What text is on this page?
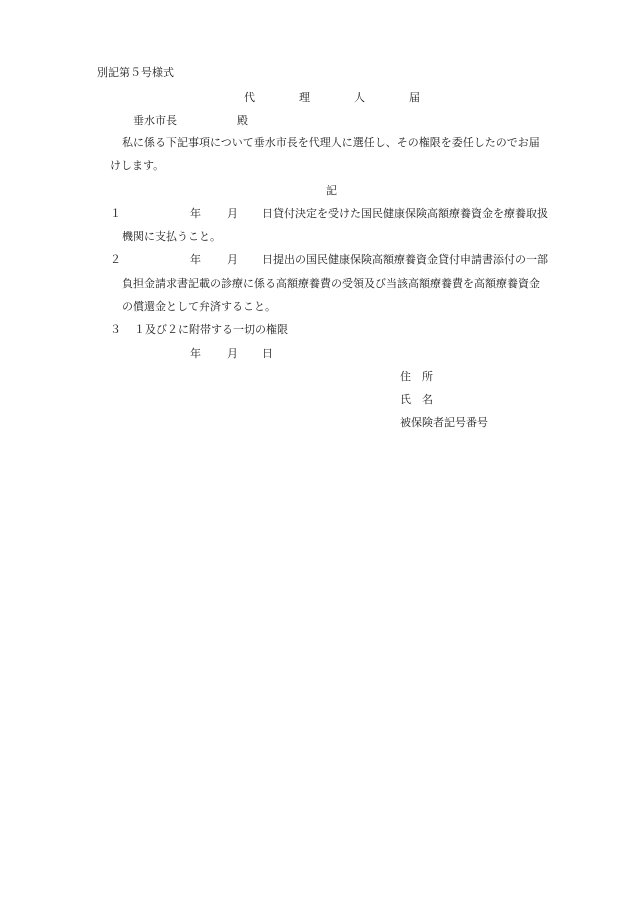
別記第５号様式
代	理	人	届
垂水市長	殿
私に係る下記事項について垂水市長を代理人に選任し、その権限を委任したのでお届
けします。
記
１	年 月 日貸付決定を受けた国民健康保険高額療養資金を療養取扱
機関に支払うこと。
２	年 月 日提出の国民健康保険高額療養資金貸付申請書添付の一部
負担金請求書記載の診療に係る高額療養費の受領及び当該高額療養費を高額療養資金
の償還金として弁済すること。
３ １及び２に附帯する一切の権限
年 月 日
住　所
氏　名
被保険者記号番号
